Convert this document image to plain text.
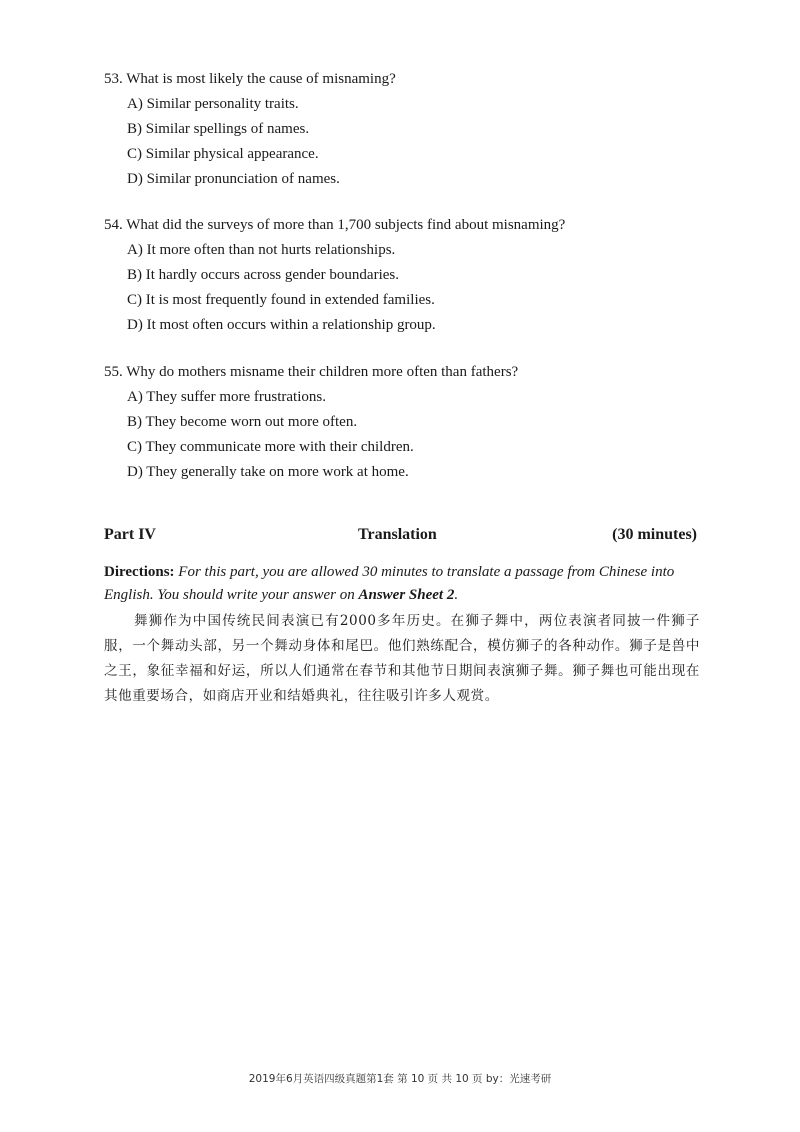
53. What is most likely the cause of misnaming?
A) Similar personality traits.
B) Similar spellings of names.
C) Similar physical appearance.
D) Similar pronunciation of names.
54. What did the surveys of more than 1,700 subjects find about misnaming?
A) It more often than not hurts relationships.
B) It hardly occurs across gender boundaries.
C) It is most frequently found in extended families.
D) It most often occurs within a relationship group.
55. Why do mothers misname their children more often than fathers?
A) They suffer more frustrations.
B) They become worn out more often.
C) They communicate more with their children.
D) They generally take on more work at home.
Part IV	Translation	(30 minutes)
Directions: For this part, you are allowed 30 minutes to translate a passage from Chinese into English. You should write your answer on Answer Sheet 2.
舞狮作为中国传统民间表演已有2000多年历史。在狮子舞中，两位表演者同披一件狮子服，一个舞动头部，另一个舞动身体和尾巴。他们熟练配合，模仿狮子的各种动作。狮子是兽中之王，象征幸福和好运，所以人们通常在春节和其他节日期间表演狮子舞。狮子舞也可能出现在其他重要场合，如商店开业和结婚典礼，往往吸引许多人观赏。
2019年6月英语四级真题第1套 第 10 页 共 10 页 by：光速考研
